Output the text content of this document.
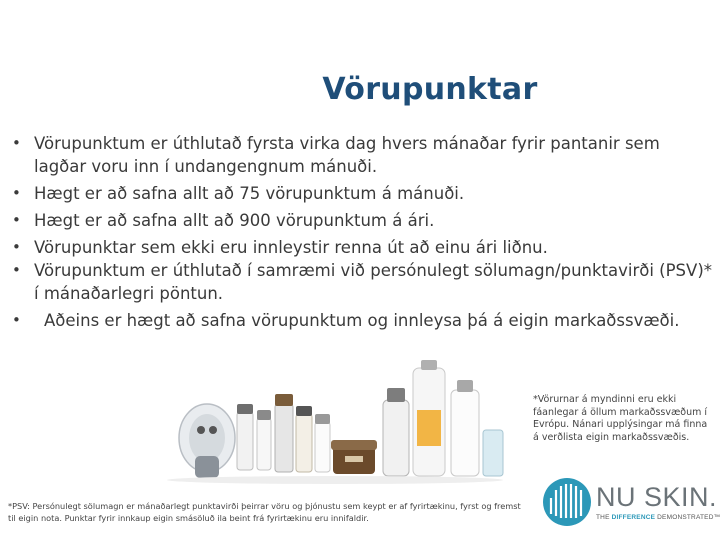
Vörupunktar
• Vörupunktum er úthlutað fyrsta virka dag hvers mánaðar fyrir pantanir sem lagðar voru inn í undangengnum mánuði.
• Hægt er að safna allt að 75 vörupunktum á mánuði.
• Hægt er að safna allt að 900 vörupunktum á ári.
• Vörupunktar sem ekki eru innleystir renna út að einu ári liðnu.
• Vörupunktum er úthlutað í samræmi við persónulegt sölumagn/punktavirði (PSV)* í mánaðarlegri pöntun.
• Aðeins er hægt að safna vörupunktum og innleysa þá á eigin markaðssvæði.
*Vörurnar á myndinni eru ekki fáanlegar á öllum markaðssvæðum í Evrópu. Nánari upplýsingar má finna á verðlista eigin markaðssvæðis.
*PSV: Persónulegt sölumagn er mánaðarlegt punktavirði þeirrar vöru og þjónustu sem keypt er af fyrirtækinu, fyrst og fremst til eigin nota. Punktar fyrir innkaup eigin smásöluð ila beint frá fyrirtækinu eru innifaldir.
NU SKIN.
THE DIFFERENCE DEMONSTRATED™
